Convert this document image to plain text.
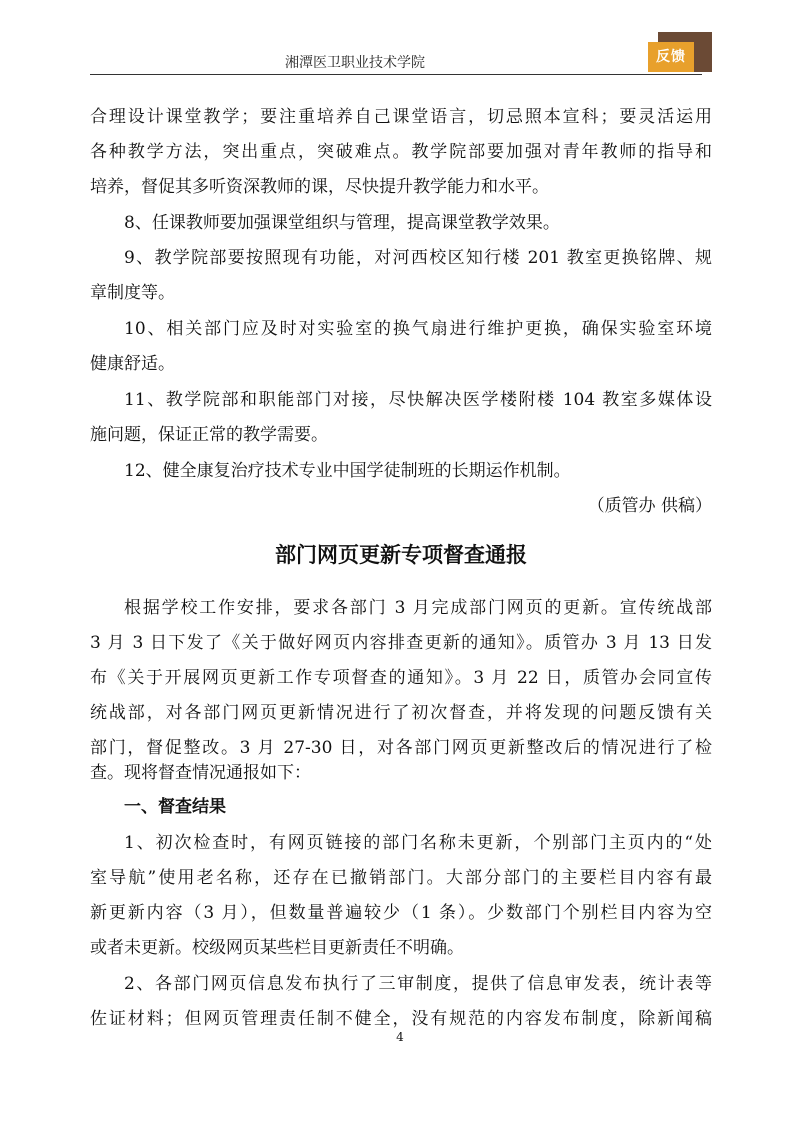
湘潭医卫职业技术学院	反馈
合理设计课堂教学；要注重培养自己课堂语言，切忌照本宣科；要灵活运用
各种教学方法，突出重点，突破难点。教学院部要加强对青年教师的指导和
培养，督促其多听资深教师的课，尽快提升教学能力和水平。
8、任课教师要加强课堂组织与管理，提高课堂教学效果。
9、教学院部要按照现有功能，对河西校区知行楼 201 教室更换铭牌、规
章制度等。
10、相关部门应及时对实验室的换气扇进行维护更换，确保实验室环境
健康舒适。
11、教学院部和职能部门对接，尽快解决医学楼附楼 104 教室多媒体设
施问题，保证正常的教学需要。
12、健全康复治疗技术专业中国学徒制班的长期运作机制。
（质管办 供稿）
部门网页更新专项督查通报
根据学校工作安排，要求各部门 3 月完成部门网页的更新。宣传统战部
3 月 3 日下发了《关于做好网页内容排查更新的通知》。质管办 3 月 13 日发
布《关于开展网页更新工作专项督查的通知》。3 月 22 日，质管办会同宣传
统战部，对各部门网页更新情况进行了初次督查，并将发现的问题反馈有关
部门，督促整改。3 月 27-30 日，对各部门网页更新整改后的情况进行了检
查。现将督查情况通报如下：
一、督查结果
1、初次检查时，有网页链接的部门名称未更新，个别部门主页内的“处
室导航”使用老名称，还存在已撤销部门。大部分部门的主要栏目内容有最
新更新内容（3 月），但数量普遍较少（1 条）。少数部门个别栏目内容为空
或者未更新。校级网页某些栏目更新责任不明确。
2、各部门网页信息发布执行了三审制度，提供了信息审发表，统计表等
佐证材料；但网页管理责任制不健全，没有规范的内容发布制度，除新闻稿
4
